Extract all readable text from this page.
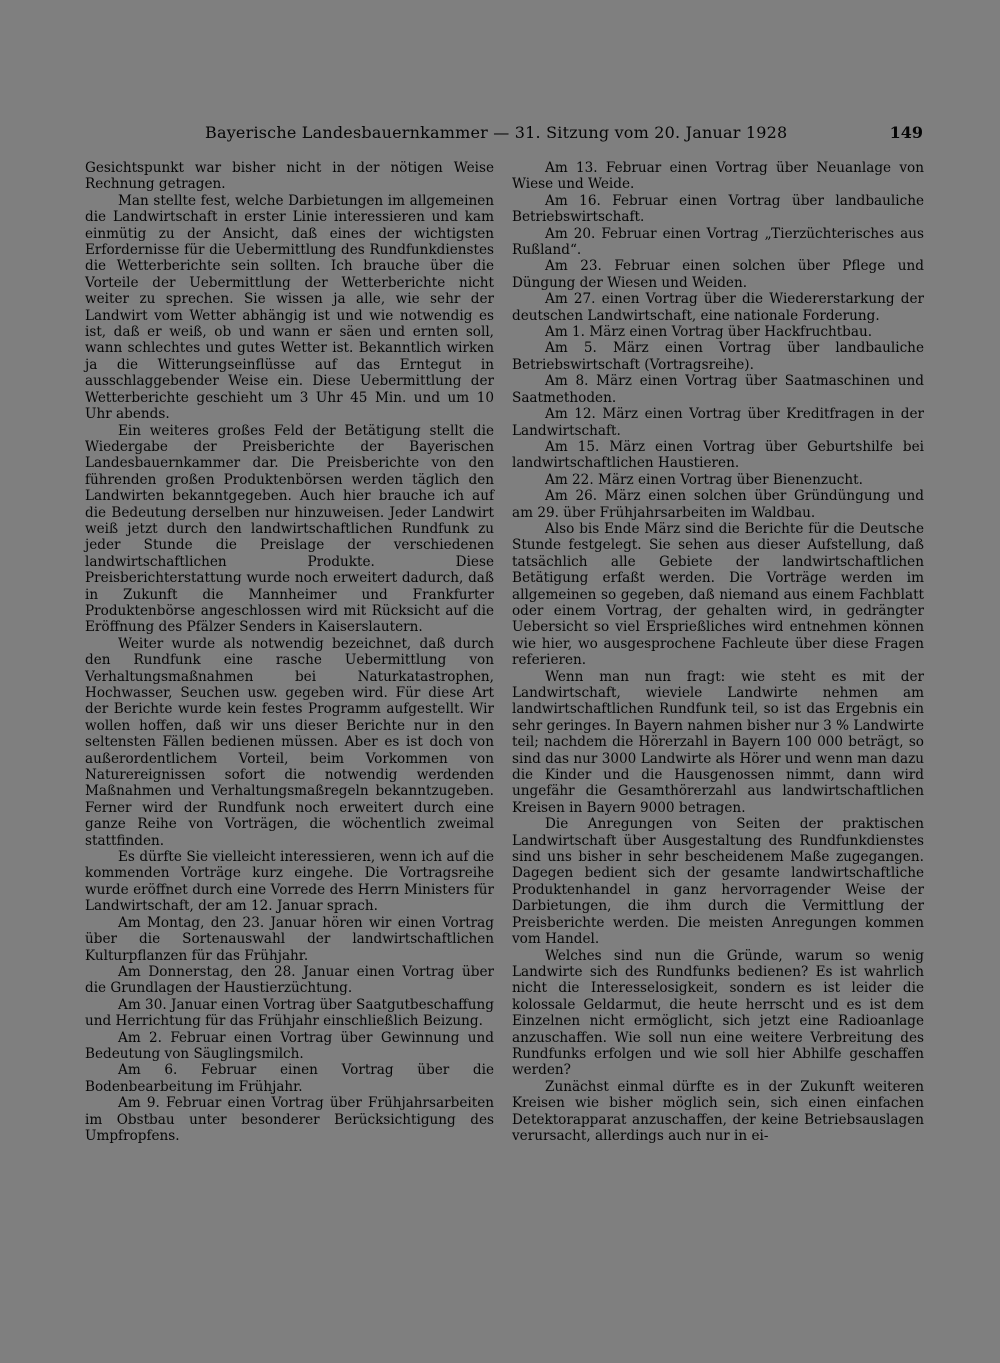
Bayerische Landesbauernkammer — 31. Sitzung vom 20. Januar 1928	149

Gesichtspunkt war bisher nicht in der nötigen Weise Rechnung getragen.

Man stellte fest, welche Darbietungen im allgemeinen die Landwirtschaft in erster Linie interessieren und kam einmütig zu der Ansicht, daß eines der wichtigsten Erfordernisse für die Uebermittlung des Rundfunkdienstes die Wetterberichte sein sollten. Ich brauche über die Vorteile der Uebermittlung der Wetterberichte nicht weiter zu sprechen. Sie wissen ja alle, wie sehr der Landwirt vom Wetter abhängig ist und wie notwendig es ist, daß er weiß, ob und wann er säen und ernten soll, wann schlechtes und gutes Wetter ist. Bekanntlich wirken ja die Witterungseinflüsse auf das Erntegut in ausschlaggebender Weise ein. Diese Uebermittlung der Wetterberichte geschieht um 3 Uhr 45 Min. und um 10 Uhr abends.

Ein weiteres großes Feld der Betätigung stellt die Wiedergabe der Preisberichte der Bayerischen Landesbauernkammer dar. Die Preisberichte von den führenden großen Produktenbörsen werden täglich den Landwirten bekanntgegeben. Auch hier brauche ich auf die Bedeutung derselben nur hinzuweisen. Jeder Landwirt weiß jetzt durch den landwirtschaftlichen Rundfunk zu jeder Stunde die Preislage der verschiedenen landwirtschaftlichen Produkte. Diese Preisberichterstattung wurde noch erweitert dadurch, daß in Zukunft die Mannheimer und Frankfurter Produktenbörse angeschlossen wird mit Rücksicht auf die Eröffnung des Pfälzer Senders in Kaiserslautern.

Weiter wurde als notwendig bezeichnet, daß durch den Rundfunk eine rasche Uebermittlung von Verhaltungsmaßnahmen bei Naturkatastrophen, Hochwasser, Seuchen usw. gegeben wird. Für diese Art der Berichte wurde kein festes Programm aufgestellt. Wir wollen hoffen, daß wir uns dieser Berichte nur in den seltensten Fällen bedienen müssen. Aber es ist doch von außerordentlichem Vorteil, beim Vorkommen von Naturereignissen sofort die notwendig werdenden Maßnahmen und Verhaltungsmaßregeln bekanntzugeben. Ferner wird der Rundfunk noch erweitert durch eine ganze Reihe von Vorträgen, die wöchentlich zweimal stattfinden.

Es dürfte Sie vielleicht interessieren, wenn ich auf die kommenden Vorträge kurz eingehe. Die Vortragsreihe wurde eröffnet durch eine Vorrede des Herrn Ministers für Landwirtschaft, der am 12. Januar sprach.

Am Montag, den 23. Januar hören wir einen Vortrag über die Sortenauswahl der landwirtschaftlichen Kulturpflanzen für das Frühjahr.

Am Donnerstag, den 28. Januar einen Vortrag über die Grundlagen der Haustierzüchtung.

Am 30. Januar einen Vortrag über Saatgutbeschaffung und Herrichtung für das Frühjahr einschließlich Beizung.

Am 2. Februar einen Vortrag über Gewinnung und Bedeutung von Säuglingsmilch.

Am 6. Februar einen Vortrag über die Bodenbearbeitung im Frühjahr.

Am 9. Februar einen Vortrag über Frühjahrsarbeiten im Obstbau unter besonderer Berücksichtigung des Umpfropfens.

Am 13. Februar einen Vortrag über Neuanlage von Wiese und Weide.

Am 16. Februar einen Vortrag über landbauliche Betriebswirtschaft.

Am 20. Februar einen Vortrag „Tierzüchterisches aus Rußland“.

Am 23. Februar einen solchen über Pflege und Düngung der Wiesen und Weiden.

Am 27. einen Vortrag über die Wiedererstarkung der deutschen Landwirtschaft, eine nationale Forderung.

Am 1. März einen Vortrag über Hackfruchtbau.

Am 5. März einen Vortrag über landbauliche Betriebswirtschaft (Vortragsreihe).

Am 8. März einen Vortrag über Saatmaschinen und Saatmethoden.

Am 12. März einen Vortrag über Kreditfragen in der Landwirtschaft.

Am 15. März einen Vortrag über Geburtshilfe bei landwirtschaftlichen Haustieren.

Am 22. März einen Vortrag über Bienenzucht.

Am 26. März einen solchen über Gründüngung und am 29. über Frühjahrsarbeiten im Waldbau.

Also bis Ende März sind die Berichte für die Deutsche Stunde festgelegt. Sie sehen aus dieser Aufstellung, daß tatsächlich alle Gebiete der landwirtschaftlichen Betätigung erfaßt werden. Die Vorträge werden im allgemeinen so gegeben, daß niemand aus einem Fachblatt oder einem Vortrag, der gehalten wird, in gedrängter Uebersicht so viel Ersprießliches wird entnehmen können wie hier, wo ausgesprochene Fachleute über diese Fragen referieren.

Wenn man nun fragt: wie steht es mit der Landwirtschaft, wieviele Landwirte nehmen am landwirtschaftlichen Rundfunk teil, so ist das Ergebnis ein sehr geringes. In Bayern nahmen bisher nur 3 % Landwirte teil; nachdem die Hörerzahl in Bayern 100 000 beträgt, so sind das nur 3000 Landwirte als Hörer und wenn man dazu die Kinder und die Hausgenossen nimmt, dann wird ungefähr die Gesamthörerzahl aus landwirtschaftlichen Kreisen in Bayern 9000 betragen.

Die Anregungen von Seiten der praktischen Landwirtschaft über Ausgestaltung des Rundfunkdienstes sind uns bisher in sehr bescheidenem Maße zugegangen. Dagegen bedient sich der gesamte landwirtschaftliche Produktenhandel in ganz hervorragender Weise der Darbietungen, die ihm durch die Vermittlung der Preisberichte werden. Die meisten Anregungen kommen vom Handel.

Welches sind nun die Gründe, warum so wenig Landwirte sich des Rundfunks bedienen? Es ist wahrlich nicht die Interesselosigkeit, sondern es ist leider die kolossale Geldarmut, die heute herrscht und es ist dem Einzelnen nicht ermöglicht, sich jetzt eine Radioanlage anzuschaffen. Wie soll nun eine weitere Verbreitung des Rundfunks erfolgen und wie soll hier Abhilfe geschaffen werden?

Zunächst einmal dürfte es in der Zukunft weiteren Kreisen wie bisher möglich sein, sich einen einfachen Detektorapparat anzuschaffen, der keine Betriebsauslagen verursacht, allerdings auch nur in ei-
